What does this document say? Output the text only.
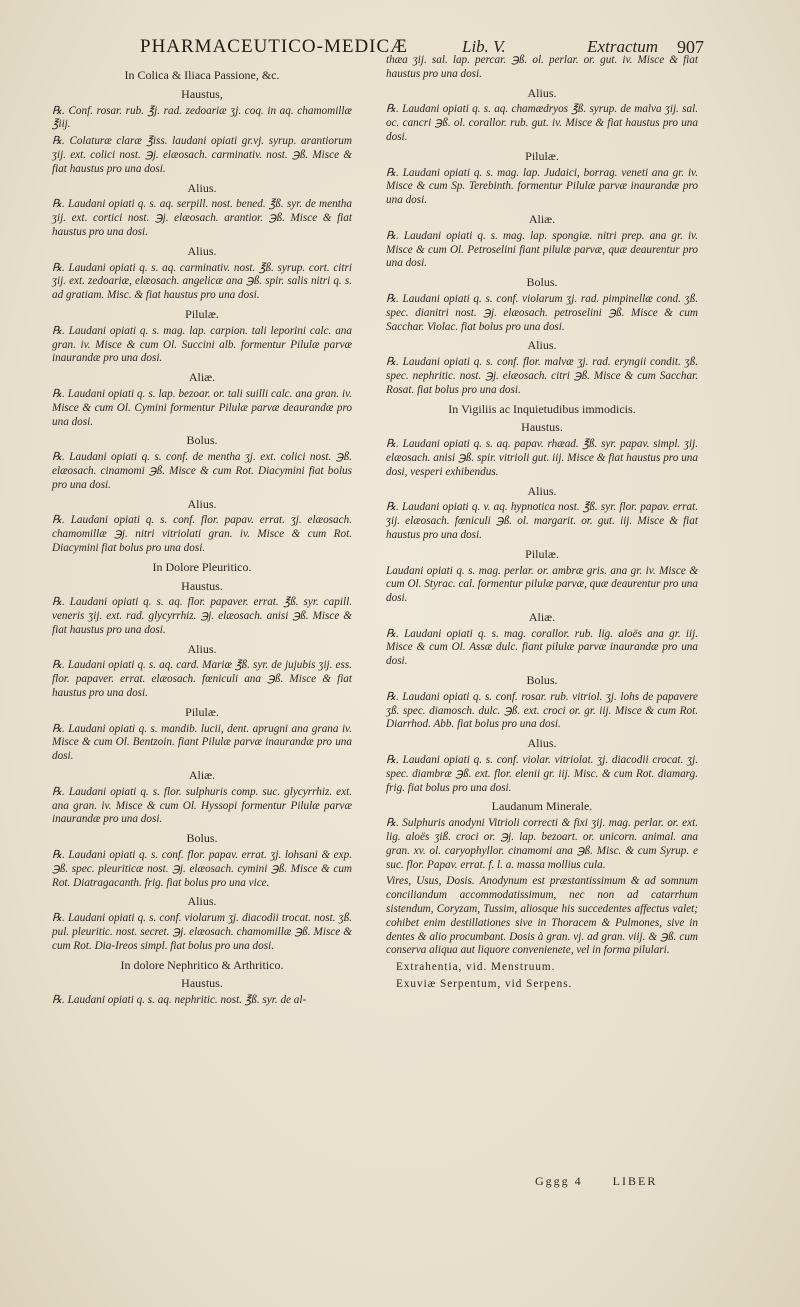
PHARMACEUTICO-MEDICÆ	Lib. V.	Extractum 907
In Colica & Iliaca Passione, &c.
Haustus,

℞. Conf. rosar. rub. ℥j. rad. zedoariæ ʒj. coq. in aq. chamomillæ ℥iij.

℞. Colaturæ claræ ℥iss. laudani opiati gr.vj. syrup. arantiorum ʒij. ext. colici nost. ℈j. elæosach. carminativ. nost. ℈ß. Misce & fiat haustus pro una dosi.

Alius.

℞. Laudani opiati q. s. aq. serpill. nost. bened. ℥ß. syr. de mentha ʒij. ext. cortici nost. ℈j. elæosach. arantior. ℈ß. Misce & fiat haustus pro una dosi.

Alius.

℞. Laudani opiati q. s. aq. carminativ. nost. ℥ß. syrup. cort. citri ʒij. ext. zedoariæ, elæosach. angelicæ ana ℈ß. spir. salis nitri q. s. ad gratiam. Misc. & fiat haustus pro una dosi.

Pilulæ.

℞. Laudani opiati q. s. mag. lap. carpion. tali leporini calc. ana gran. iv. Misce & cum Ol. Succini alb. formentur Pilulæ parvæ inaurandæ pro una dosi.

Aliæ.

℞. Laudani opiati q. s. lap. bezoar. or. tali suilli calc. ana gran. iv. Misce & cum Ol. Cymini formentur Pilulæ parvæ deaurandæ pro una dosi.

Bolus.

℞. Laudani opiati q. s. conf. de mentha ʒj. ext. colici nost. ℈ß. elæosach. cinamomi ℈ß. Misce & cum Rot. Diacymini fiat bolus pro una dosi.

Alius.

℞. Laudani opiati q. s. conf. flor. papav. errat. ʒj. elæosach. chamomillæ ℈j. nitri vitriolati gran. iv. Misce & cum Rot. Diacymini fiat bolus pro una dosi.

In Dolore Pleuritico.
Haustus.

℞. Laudani opiati q. s. aq. flor. papaver. errat. ℥ß. syr. capill. veneris ʒij. ext. rad. glycyrrhiz. ℈j. elæosach. anisi ℈ß. Misce & fiat haustus pro una dosi.

Alius.

℞. Laudani opiati q. s. aq. card. Mariæ ℥ß. syr. de jujubis ʒij. ess. flor. papaver. errat. elæosach. fœniculi ana ℈ß. Misce & fiat haustus pro una dosi.

Pilulæ.

℞. Laudani opiati q. s. mandib. lucii, dent. aprugni ana grana iv. Misce & cum Ol. Bentzoin. fiant Pilulæ parvæ inaurandæ pro una dosi.

Aliæ.

℞. Laudani opiati q. s. flor. sulphuris comp. suc. glycyrrhiz. ext. ana gran. iv. Misce & cum Ol. Hyssopi formentur Pilulæ parvæ inaurandæ pro una dosi.

Bolus.

℞. Laudani opiati q. s. conf. flor. papav. errat. ʒj. lohsani & exp. ℈ß. spec. pleuriticæ nost. ℈j. elæosach. cymini ℈ß. Misce & cum Rot. Diatragacanth. frig. fiat bolus pro una vice.

Alius.

℞. Laudani opiati q. s. conf. violarum ʒj. diacodii trocat. nost. ʒß. pul. pleuritic. nost. secret. ℈j. elæosach. chamomillæ ℈ß. Misce & cum Rot. Dia-Ireos simpl. fiat bolus pro una dosi.

In dolore Nephritico & Arthritico.
Haustus.

℞. Laudani opiati q. s. aq. nephritic. nost. ℥ß. syr. de al-

thæa ʒij. sal. lap. percar. ℈ß. ol. perlar. or. gut. iv. Misce & fiat haustus pro una dosi.

Alius.

℞. Laudani opiati q. s. aq. chamædryos ℥ß. syrup. de malva ʒij. sal. oc. cancri ℈ß. ol. corallor. rub. gut. iv. Misce & fiat haustus pro una dosi.

Pilulæ.

℞. Laudani opiati q. s. mag. lap. Judaici, borrag. veneti ana gr. iv. Misce & cum Sp. Terebinth. formentur Pilulæ parvæ inaurandæ pro una dosi.

Aliæ.

℞. Laudani opiati q. s. mag. lap. spongiæ. nitri prep. ana gr. iv. Misce & cum Ol. Petroselini fiant pilulæ parvæ, quæ deaurentur pro una dosi.

Bolus.

℞. Laudani opiati q. s. conf. violarum ʒj. rad. pimpinellæ cond. ʒß. spec. dianitri nost. ℈j. elæosach. petroselini ℈ß. Misce & cum Sacchar. Violac. fiat bolus pro una dosi.

Alius.

℞. Laudani opiati q. s. conf. flor. malvæ ʒj. rad. eryngii condit. ʒß. spec. nephritic. nost. ℈j. elæosach. citri ℈ß. Misce & cum Sacchar. Rosat. fiat bolus pro una dosi.

In Vigiliis ac Inquietudibus immodicis.
Haustus.

℞. Laudani opiati q. s. aq. papav. rhæad. ℥ß. syr. papav. simpl. ʒij. elæosach. anisi ℈ß. spir. vitrioli gut. iij. Misce & fiat haustus pro una dosi, vesperi exhibendus.

Alius.

℞. Laudani opiati q. v. aq. hypnotica nost. ℥ß. syr. flor. papav. errat. ʒij. elæosach. fœniculi ℈ß. ol. margarit. or. gut. iij. Misce & fiat haustus pro una dosi.

Pilulæ.

Laudani opiati q. s. mag. perlar. or. ambræ gris. ana gr. iv. Misce & cum Ol. Styrac. cal. formentur pilulæ parvæ, quæ deaurentur pro una dosi.

Aliæ.

℞. Laudani opiati q. s. mag. corallor. rub. lig. aloës ana gr. iij. Misce & cum Ol. Assæ dulc. fiant pilulæ parvæ inaurandæ pro una dosi.

Bolus.

℞. Laudani opiati q. s. conf. rosar. rub. vitriol. ʒj. lohs de papavere ʒß. spec. diamosch. dulc. ℈ß. ext. croci or. gr. iij. Misce & cum Rot. Diarrhod. Abb. fiat bolus pro una dosi.

Alius.

℞. Laudani opiati q. s. conf. violar. vitriolat. ʒj. diacodii crocat. ʒj. spec. diambræ ℈ß. ext. flor. elenii gr. iij. Misc. & cum Rot. diamarg. frig. fiat bolus pro una dosi.

Laudanum Minerale.

℞. Sulphuris anodyni Vitrioli correcti & fixi ʒij. mag. perlar. or. ext. lig. aloës ʒiß. croci or. ℈j. lap. bezoart. or. unicorn. animal. ana gran. xv. ol. caryophyllor. cinamomi ana ℈ß. Misc. & cum Syrup. e suc. flor. Papav. errat. f. l. a. massa mollius cula.

Vires, Usus, Dosis. Anodynum est præstantissimum & ad somnum conciliandum accommodatissimum, nec non ad catarrhum sistendum, Coryzam, Tussim, aliosque his succedentes affectus valet; cohibet enim destillationes sive in Thoracem & Pulmones, sive in dentes & alio procumbant. Dosis à gran. vj. ad gran. viij. & ℈ß. cum conserva aliqua aut liquore convenienete, vel in forma pilulari.

Extrahentia, vid. Menstruum.

Exuviæ Serpentum, vid Serpens.

Gggg 4	LIBER
